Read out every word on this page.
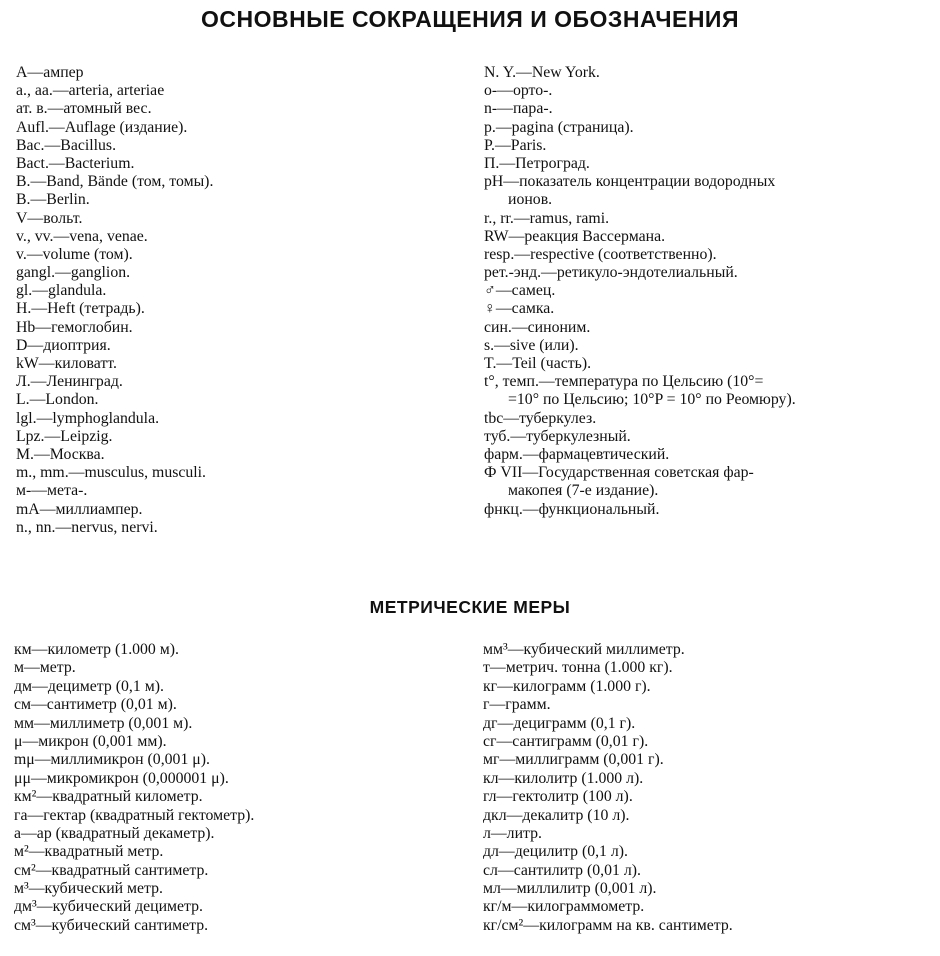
ОСНОВНЫЕ СОКРАЩЕНИЯ И ОБОЗНАЧЕНИЯ
A—ампер
a., aa.—arteria, arteriae
ат. в.—атомный вес.
Aufl.—Auflage (издание).
Bac.—Bacillus.
Bact.—Bacterium.
B.—Band, Bände (том, томы).
B.—Berlin.
V—вольт.
v., vv.—vena, venae.
v.—volume (том).
gangl.—ganglion.
gl.—glandula.
H.—Heft (тетрадь).
Hb—гемоглобин.
D—диоптрия.
kW—киловатт.
Л.—Ленинград.
L.—London.
lgl.—lymphoglandula.
Lpz.—Leipzig.
M.—Москва.
m., mm.—musculus, musculi.
м-—мета-.
mA—миллиампер.
n., nn.—nervus, nervi.
N. Y.—New York.
o-—орто-.
n-—пара-.
p.—pagina (страница).
P.—Paris.
П.—Петроград.
pH—показатель концентрации водородных
ионов.
r., rr.—ramus, rami.
RW—реакция Вассермана.
resp.—respective (соответственно).
рет.-энд.—ретикуло-эндотелиальный.
♂—самец.
♀—самка.
син.—синоним.
s.—sive (или).
T.—Teil (часть).
t°, темп.—температура по Цельсию (10°=
=10° по Цельсию; 10°P = 10° по Реомюру).
tbc—туберкулез.
туб.—туберкулезный.
фарм.—фармацевтический.
Ф VII—Государственная советская фар-
макопея (7-е издание).
фнкц.—функциональный.
МЕТРИЧЕСКИЕ МЕРЫ
км—километр (1.000 м).
м—метр.
дм—дециметр (0,1 м).
см—сантиметр (0,01 м).
мм—миллиметр (0,001 м).
μ—микрон (0,001 мм).
mμ—миллимикрон (0,001 μ).
μμ—микромикрон (0,000001 μ).
км²—квадратный километр.
га—гектар (квадратный гектометр).
а—ар (квадратный декаметр).
м²—квадратный метр.
см²—квадратный сантиметр.
м³—кубический метр.
дм³—кубический дециметр.
см³—кубический сантиметр.
мм³—кубический миллиметр.
т—метрич. тонна (1.000 кг).
кг—килограмм (1.000 г).
г—грамм.
дг—дециграмм (0,1 г).
сг—сантиграмм (0,01 г).
мг—миллиграмм (0,001 г).
кл—килолитр (1.000 л).
гл—гектолитр (100 л).
дкл—декалитр (10 л).
л—литр.
дл—децилитр (0,1 л).
сл—сантилитр (0,01 л).
мл—миллилитр (0,001 л).
кг/м—килограммометр.
кг/см²—килограмм на кв. сантиметр.
